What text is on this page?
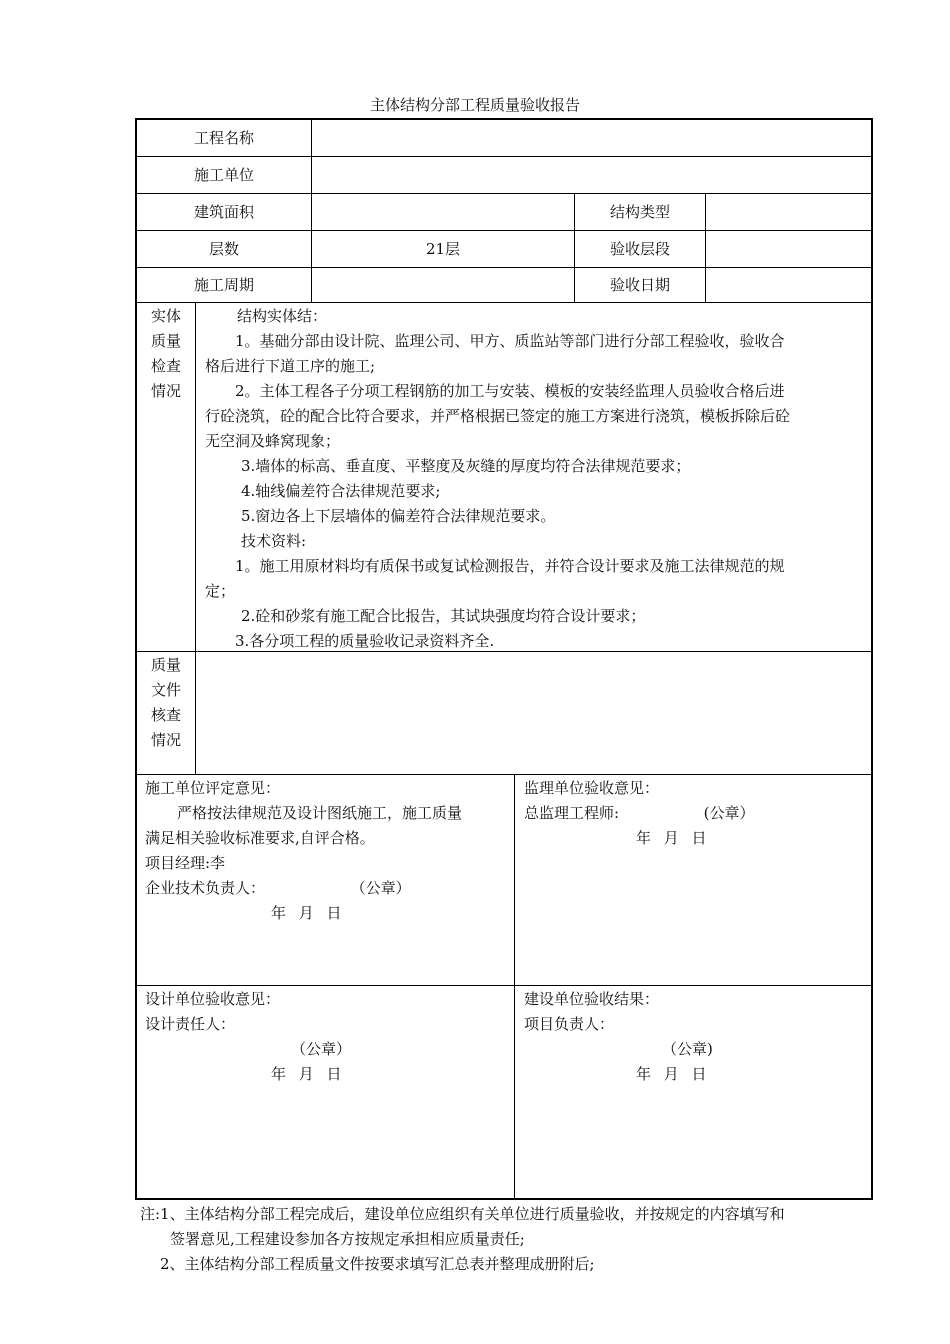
主体结构分部工程质量验收报告
工程名称
施工单位
建筑面积	结构类型
层数	21层	验收层段
施工周期	验收日期
实体
质量
检查
情况
结构实体结：
1。基础分部由设计院、监理公司、甲方、质监站等部门进行分部工程验收，验收合
格后进行下道工序的施工;
2。主体工程各子分项工程钢筋的加工与安装、模板的安装经监理人员验收合格后进
行砼浇筑，砼的配合比符合要求，并严格根据已签定的施工方案进行浇筑，模板拆除后砼
无空洞及蜂窝现象；
3.墙体的标高、垂直度、平整度及灰缝的厚度均符合法律规范要求；
4.轴线偏差符合法律规范要求;
5.窗边各上下层墙体的偏差符合法律规范要求。
技术资料:
1。施工用原材料均有质保书或复试检测报告，并符合设计要求及施工法律规范的规
定；
2.砼和砂浆有施工配合比报告，其试块强度均符合设计要求；
3.各分项工程的质量验收记录资料齐全.
质量
文件
核查
情况
施工单位评定意见：
严格按法律规范及设计图纸施工，施工质量
满足相关验收标准要求,自评合格。
项目经理:李
企业技术负责人：	（公章）
年 月 日
监理单位验收意见：
总监理工程师:	(公章）
年 月 日
设计单位验收意见：
设计责任人：
（公章）
年 月 日
建设单位验收结果：
项目负责人：
（公章)
年 月 日
注:1、主体结构分部工程完成后，建设单位应组织有关单位进行质量验收，并按规定的内容填写和
签署意见,工程建设参加各方按规定承担相应质量责任;
2、主体结构分部工程质量文件按要求填写汇总表并整理成册附后;
